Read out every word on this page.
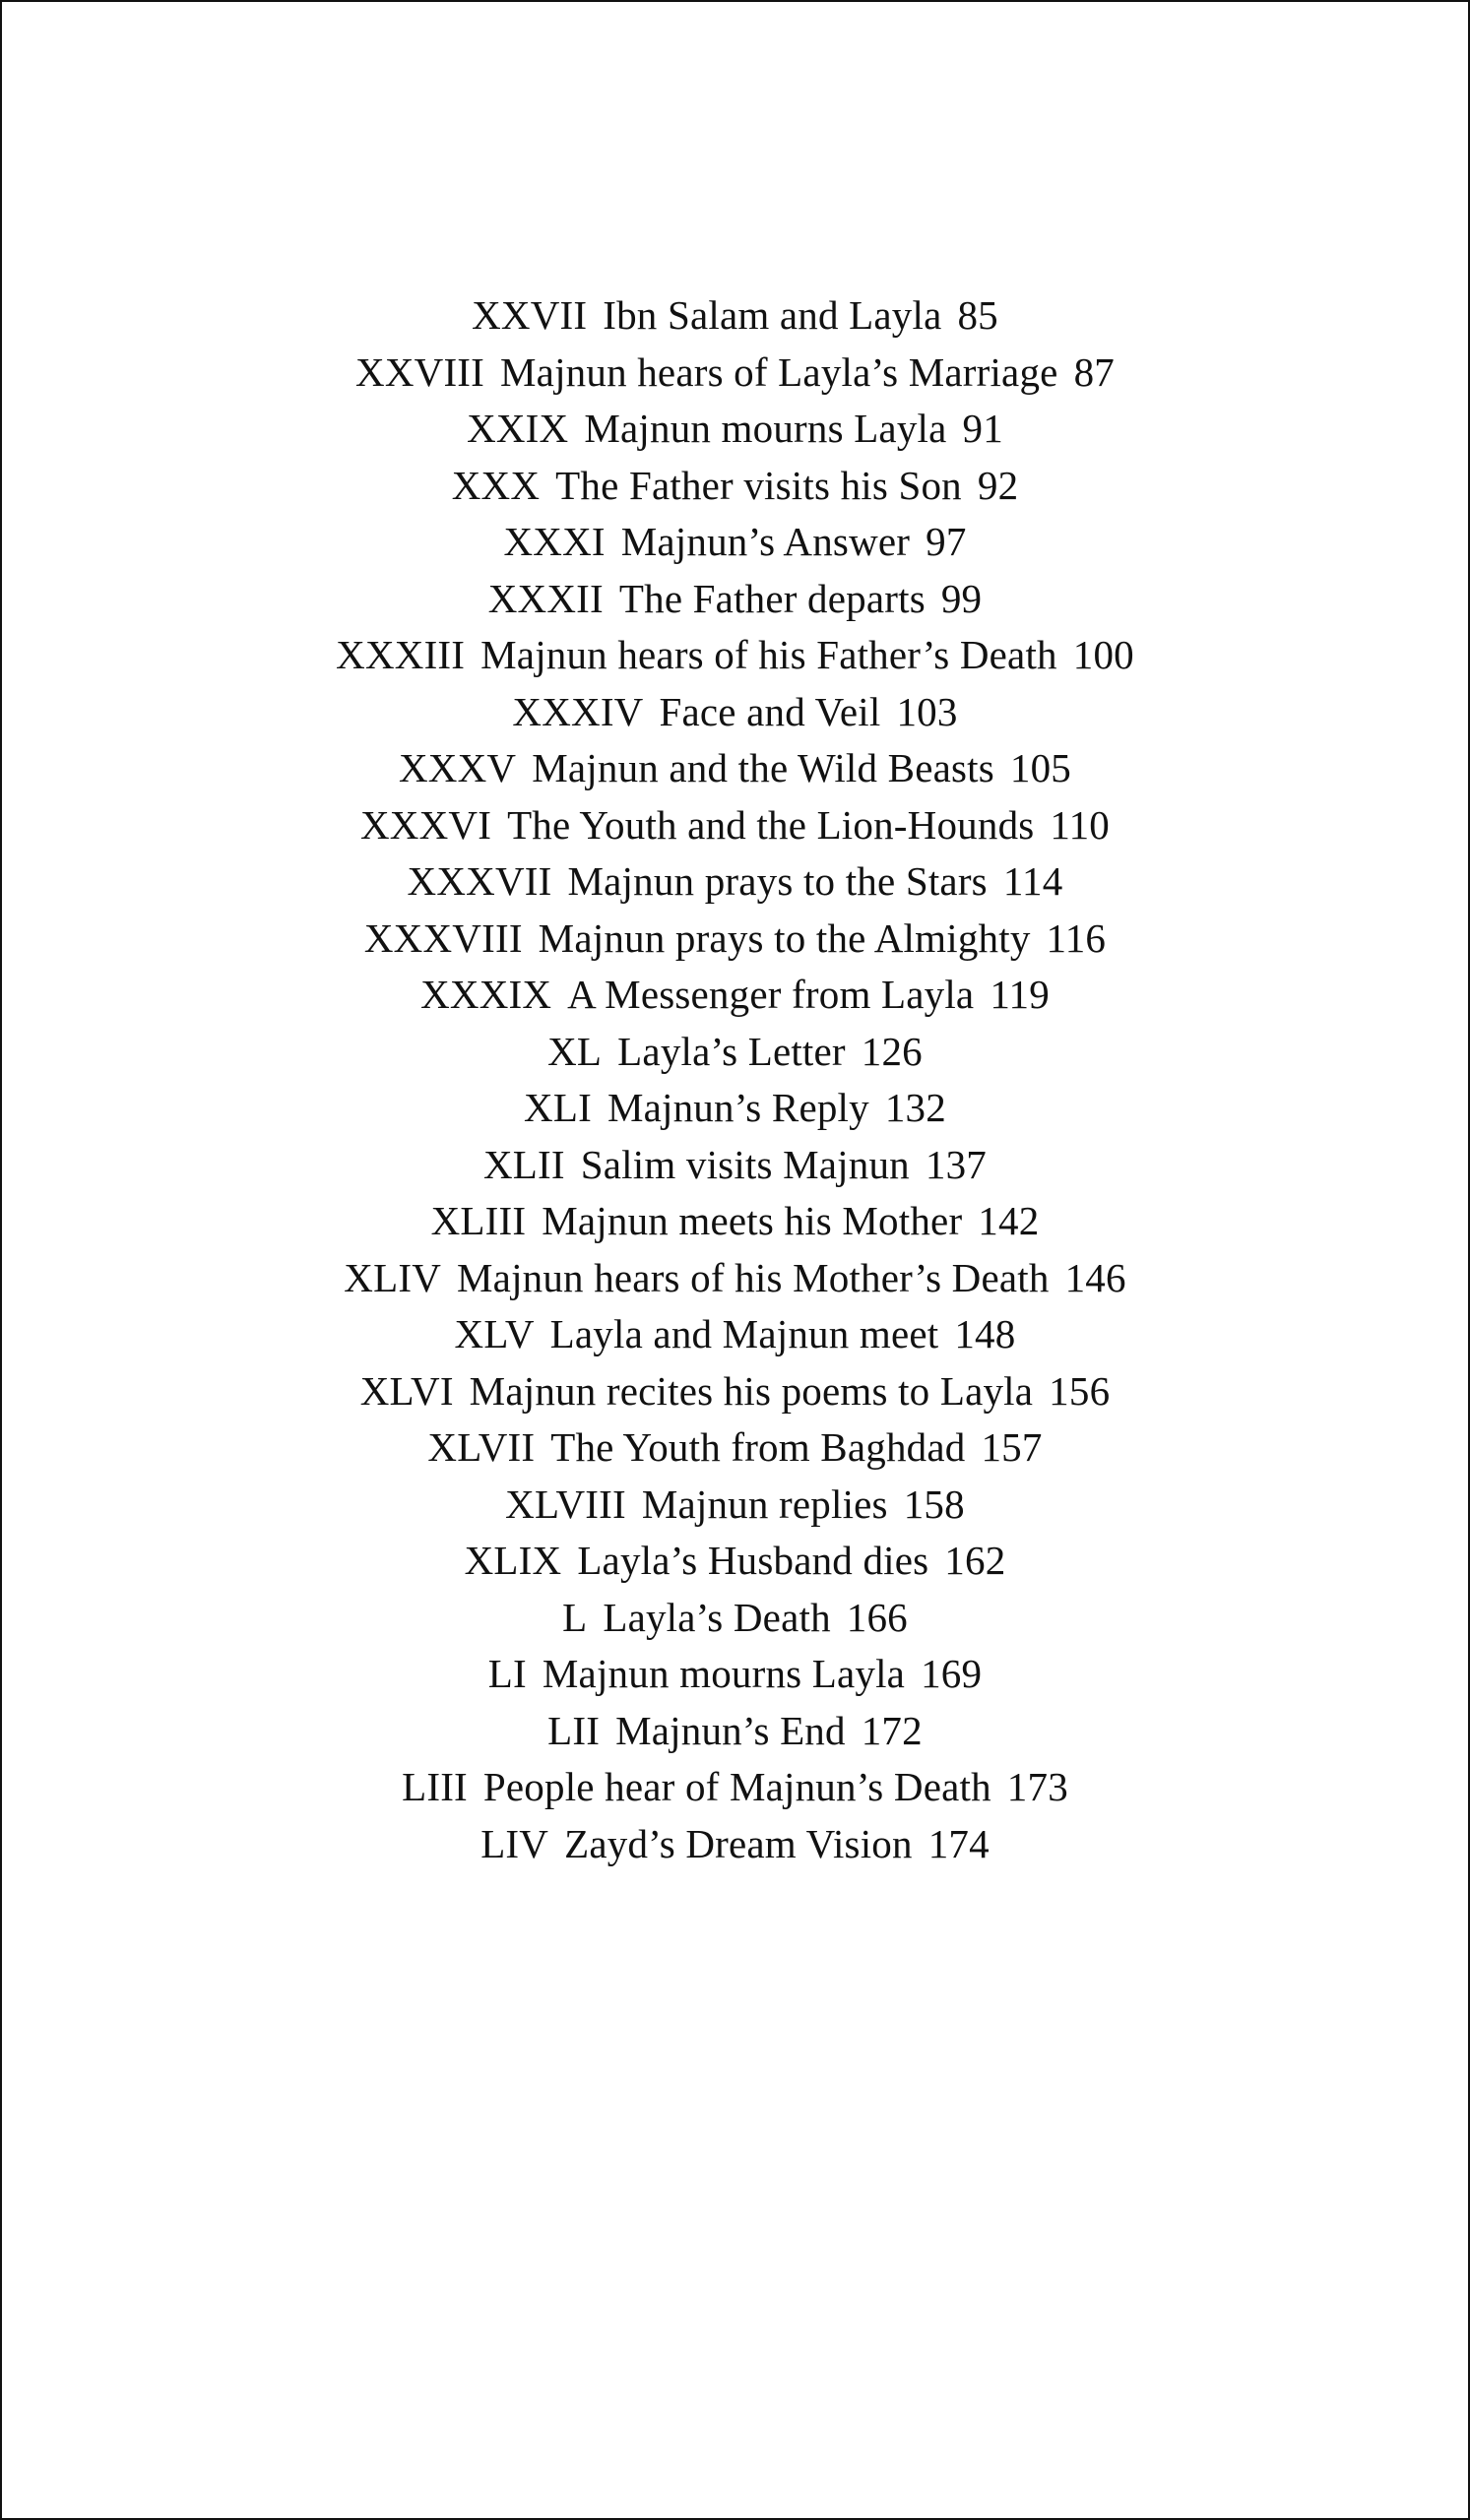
XXVII Ibn Salam and Layla 85
XXVIII Majnun hears of Layla’s Marriage 87
XXIX Majnun mourns Layla 91
XXX The Father visits his Son 92
XXXI Majnun’s Answer 97
XXXII The Father departs 99
XXXIII Majnun hears of his Father’s Death 100
XXXIV Face and Veil 103
XXXV Majnun and the Wild Beasts 105
XXXVI The Youth and the Lion-Hounds 110
XXXVII Majnun prays to the Stars 114
XXXVIII Majnun prays to the Almighty 116
XXXIX A Messenger from Layla 119
XL Layla’s Letter 126
XLI Majnun’s Reply 132
XLII Salim visits Majnun 137
XLIII Majnun meets his Mother 142
XLIV Majnun hears of his Mother’s Death 146
XLV Layla and Majnun meet 148
XLVI Majnun recites his poems to Layla 156
XLVII The Youth from Baghdad 157
XLVIII Majnun replies 158
XLIX Layla’s Husband dies 162
L Layla’s Death 166
LI Majnun mourns Layla 169
LII Majnun’s End 172
LIII People hear of Majnun’s Death 173
LIV Zayd’s Dream Vision 174
